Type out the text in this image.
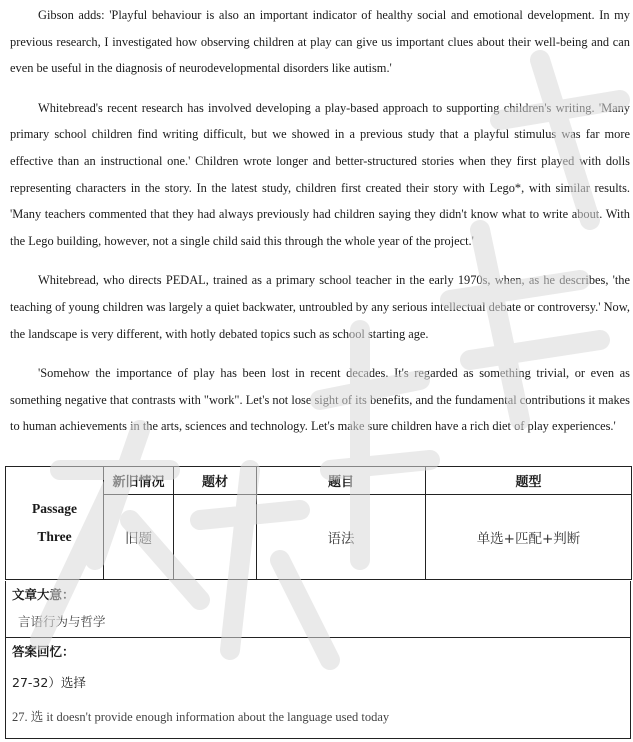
Gibson adds: 'Playful behaviour is also an important indicator of healthy social and emotional development. In my previous research, I investigated how observing children at play can give us important clues about their well-being and can even be useful in the diagnosis of neurodevelopmental disorders like autism.'

Whitebread's recent research has involved developing a play-based approach to supporting children's writing. 'Many primary school children find writing difficult, but we showed in a previous study that a playful stimulus was far more effective than an instructional one.' Children wrote longer and better-structured stories when they first played with dolls representing characters in the story. In the latest study, children first created their story with Lego*, with similar results. 'Many teachers commented that they had always previously had children saying they didn't know what to write about. With the Lego building, however, not a single child said this through the whole year of the project.'

Whitebread, who directs PEDAL, trained as a primary school teacher in the early 1970s, when, as he describes, 'the teaching of young children was largely a quiet backwater, untroubled by any serious intellectual debate or controversy.' Now, the landscape is very different, with hotly debated topics such as school starting age.

'Somehow the importance of play has been lost in recent decades. It's regarded as something trivial, or even as something negative that contrasts with "work". Let's not lose sight of its benefits, and the fundamental contributions it makes to human achievements in the arts, sciences and technology. Let's make sure children have a rich diet of play experiences.'

Passage
Three	新旧情况	题材	题目	题型
	旧题		语法	单选+匹配+判断
文章大意：
言语行为与哲学
答案回忆：
27-32）选择
27. 选 it doesn't provide enough information about the language used today
